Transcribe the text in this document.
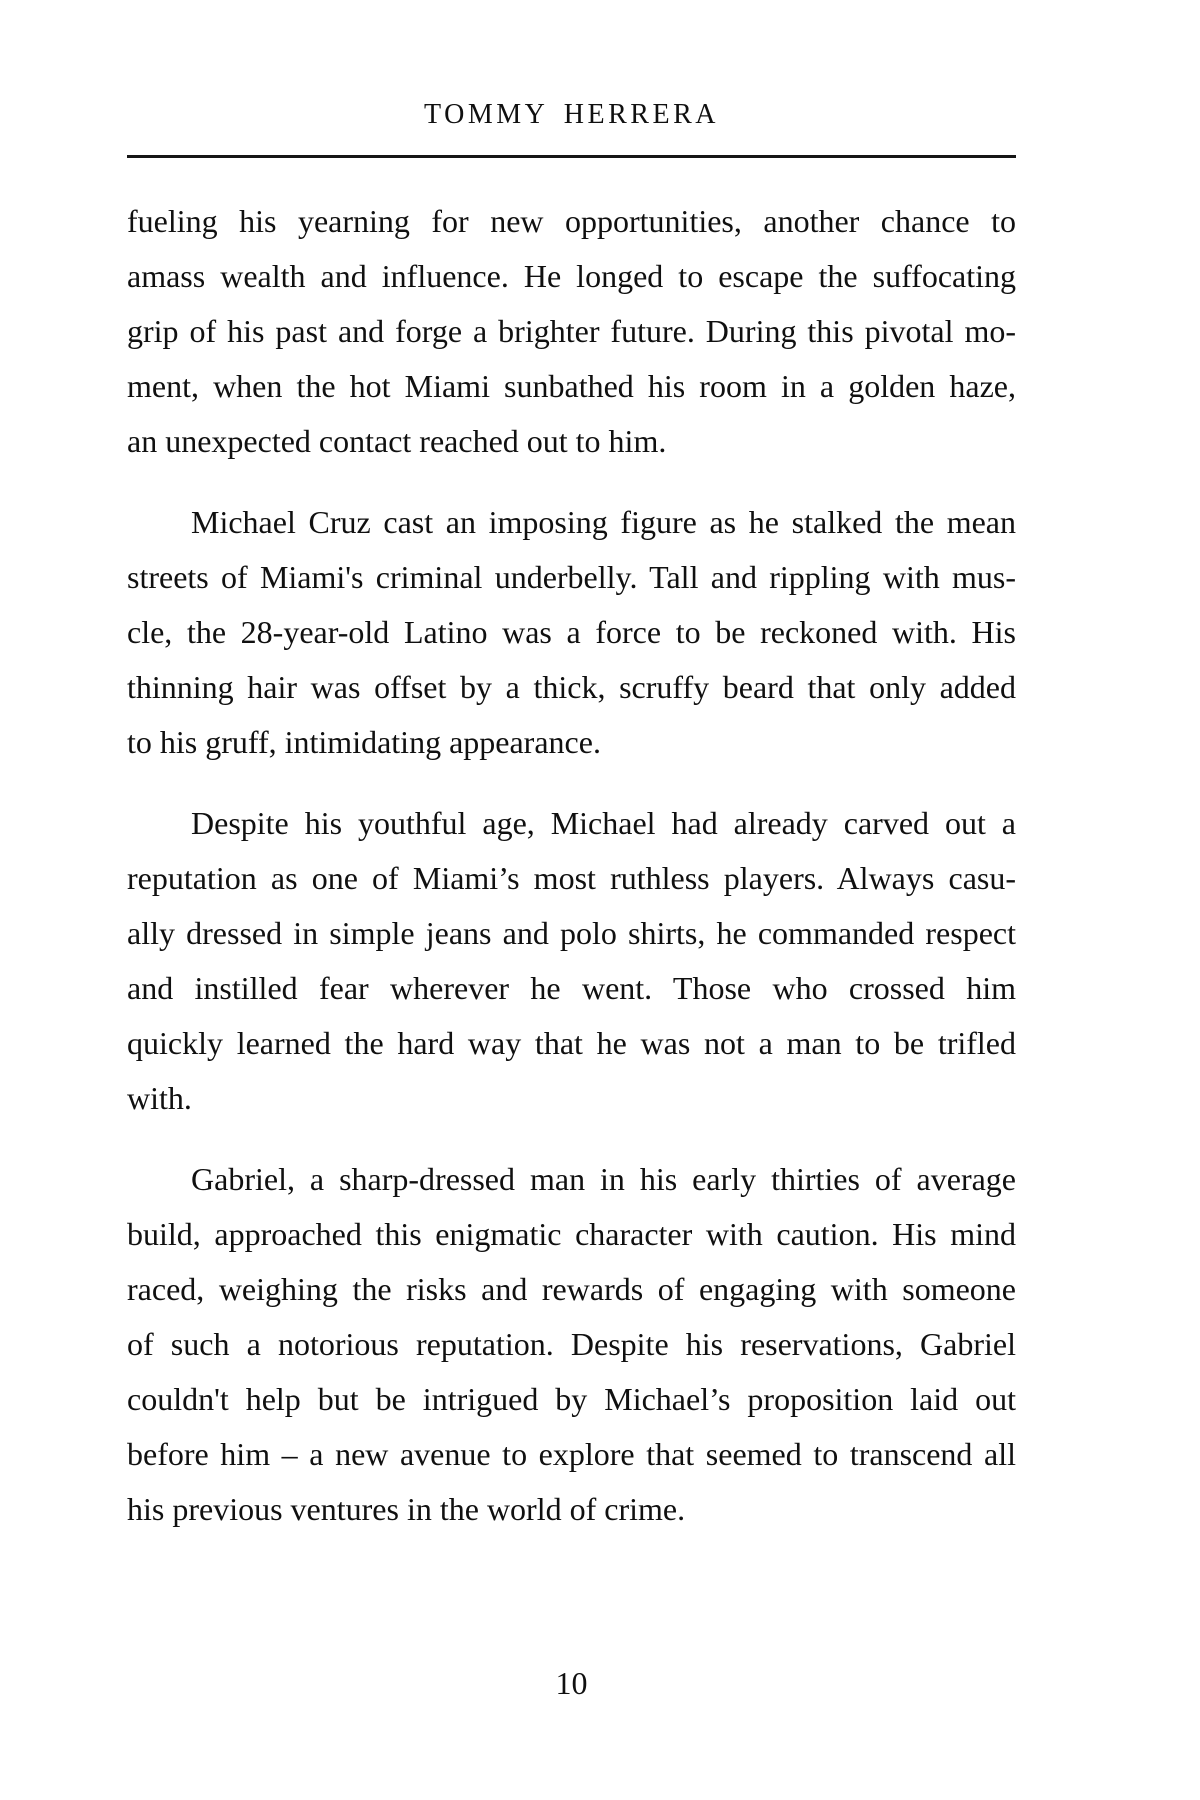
TOMMY HERRERA
fueling his yearning for new opportunities, another chance to
amass wealth and influence. He longed to escape the suffocating
grip of his past and forge a brighter future. During this pivotal mo-
ment, when the hot Miami sunbathed his room in a golden haze,
an unexpected contact reached out to him.
Michael Cruz cast an imposing figure as he stalked the mean
streets of Miami's criminal underbelly. Tall and rippling with mus-
cle, the 28-year-old Latino was a force to be reckoned with. His
thinning hair was offset by a thick, scruffy beard that only added
to his gruff, intimidating appearance.
Despite his youthful age, Michael had already carved out a
reputation as one of Miami’s most ruthless players. Always casu-
ally dressed in simple jeans and polo shirts, he commanded respect
and instilled fear wherever he went. Those who crossed him
quickly learned the hard way that he was not a man to be trifled
with.
Gabriel, a sharp-dressed man in his early thirties of average
build, approached this enigmatic character with caution. His mind
raced, weighing the risks and rewards of engaging with someone
of such a notorious reputation. Despite his reservations, Gabriel
couldn't help but be intrigued by Michael’s proposition laid out
before him – a new avenue to explore that seemed to transcend all
his previous ventures in the world of crime.
10
